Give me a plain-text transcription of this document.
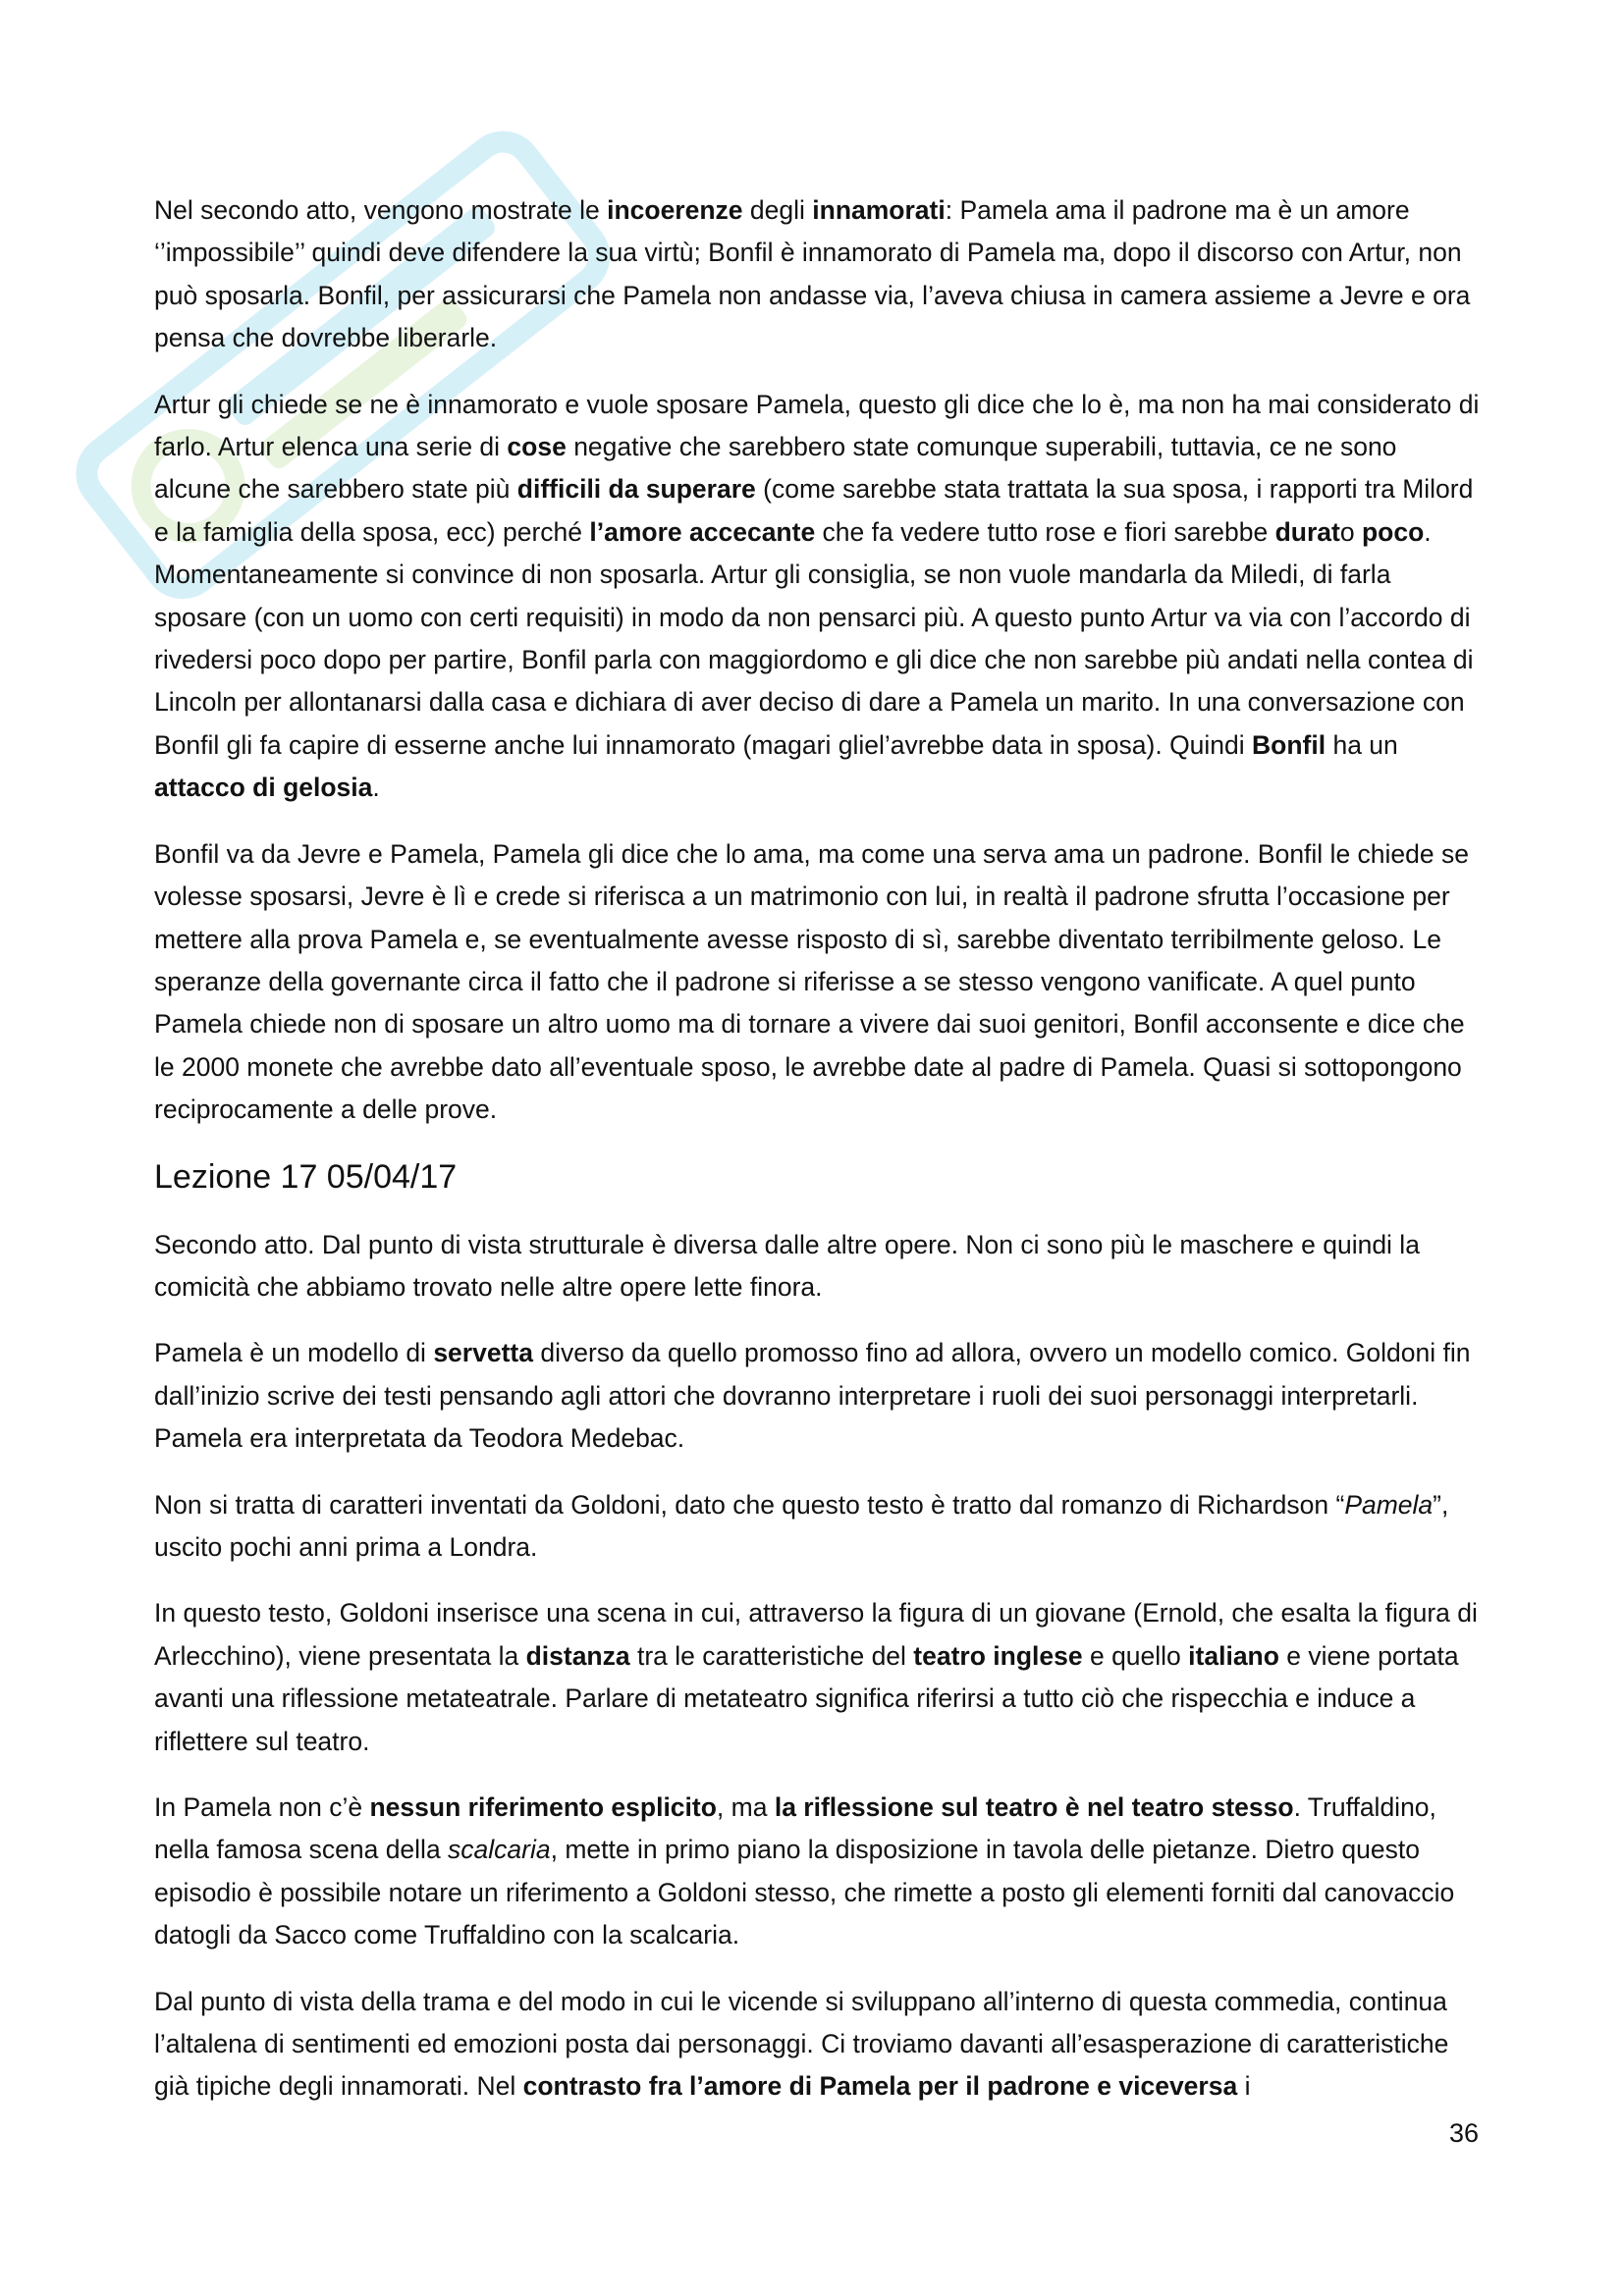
Nel secondo atto, vengono mostrate le incoerenze degli innamorati: Pamela ama il padrone ma è un amore ‘’impossibile’’ quindi deve difendere la sua virtù; Bonfil è innamorato di Pamela ma, dopo il discorso con Artur, non può sposarla. Bonfil, per assicurarsi che Pamela non andasse via, l’aveva chiusa in camera assieme a Jevre e ora pensa che dovrebbe liberarle.

Artur gli chiede se ne è innamorato e vuole sposare Pamela, questo gli dice che lo è, ma non ha mai considerato di farlo. Artur elenca una serie di cose negative che sarebbero state comunque superabili, tuttavia, ce ne sono alcune che sarebbero state più difficili da superare (come sarebbe stata trattata la sua sposa, i rapporti tra Milord e la famiglia della sposa, ecc) perché l’amore accecante che fa vedere tutto rose e fiori sarebbe durato poco. Momentaneamente si convince di non sposarla. Artur gli consiglia, se non vuole mandarla da Miledi, di farla sposare (con un uomo con certi requisiti) in modo da non pensarci più. A questo punto Artur va via con l’accordo di rivedersi poco dopo per partire, Bonfil parla con maggiordomo e gli dice che non sarebbe più andati nella contea di Lincoln per allontanarsi dalla casa e dichiara di aver deciso di dare a Pamela un marito. In una conversazione con Bonfil gli fa capire di esserne anche lui innamorato (magari gliel’avrebbe data in sposa). Quindi Bonfil ha un attacco di gelosia.

Bonfil va da Jevre e Pamela, Pamela gli dice che lo ama, ma come una serva ama un padrone. Bonfil le chiede se volesse sposarsi, Jevre è lì e crede si riferisca a un matrimonio con lui, in realtà il padrone sfrutta l’occasione per mettere alla prova Pamela e, se eventualmente avesse risposto di sì, sarebbe diventato terribilmente geloso. Le speranze della governante circa il fatto che il padrone si riferisse a se stesso vengono vanificate. A quel punto Pamela chiede non di sposare un altro uomo ma di tornare a vivere dai suoi genitori, Bonfil acconsente e dice che le 2000 monete che avrebbe dato all’eventuale sposo, le avrebbe date al padre di Pamela. Quasi si sottopongono reciprocamente a delle prove.

Lezione 17 05/04/17

Secondo atto. Dal punto di vista strutturale è diversa dalle altre opere. Non ci sono più le maschere e quindi la comicità che abbiamo trovato nelle altre opere lette finora.

Pamela è un modello di servetta diverso da quello promosso fino ad allora, ovvero un modello comico. Goldoni fin dall’inizio scrive dei testi pensando agli attori che dovranno interpretare i ruoli dei suoi personaggi interpretarli. Pamela era interpretata da Teodora Medebac.

Non si tratta di caratteri inventati da Goldoni, dato che questo testo è tratto dal romanzo di Richardson “Pamela”, uscito pochi anni prima a Londra.

In questo testo, Goldoni inserisce una scena in cui, attraverso la figura di un giovane (Ernold, che esalta la figura di Arlecchino), viene presentata la distanza tra le caratteristiche del teatro inglese e quello italiano e viene portata avanti una riflessione metateatrale. Parlare di metateatro significa riferirsi a tutto ciò che rispecchia e induce a riflettere sul teatro.

In Pamela non c’è nessun riferimento esplicito, ma la riflessione sul teatro è nel teatro stesso. Truffaldino, nella famosa scena della scalcaria, mette in primo piano la disposizione in tavola delle pietanze. Dietro questo episodio è possibile notare un riferimento a Goldoni stesso, che rimette a posto gli elementi forniti dal canovaccio datogli da Sacco come Truffaldino con la scalcaria.

Dal punto di vista della trama e del modo in cui le vicende si sviluppano all’interno di questa commedia, continua l’altalena di sentimenti ed emozioni posta dai personaggi. Ci troviamo davanti all’esasperazione di caratteristiche già tipiche degli innamorati. Nel contrasto fra l’amore di Pamela per il padrone e viceversa i

36
